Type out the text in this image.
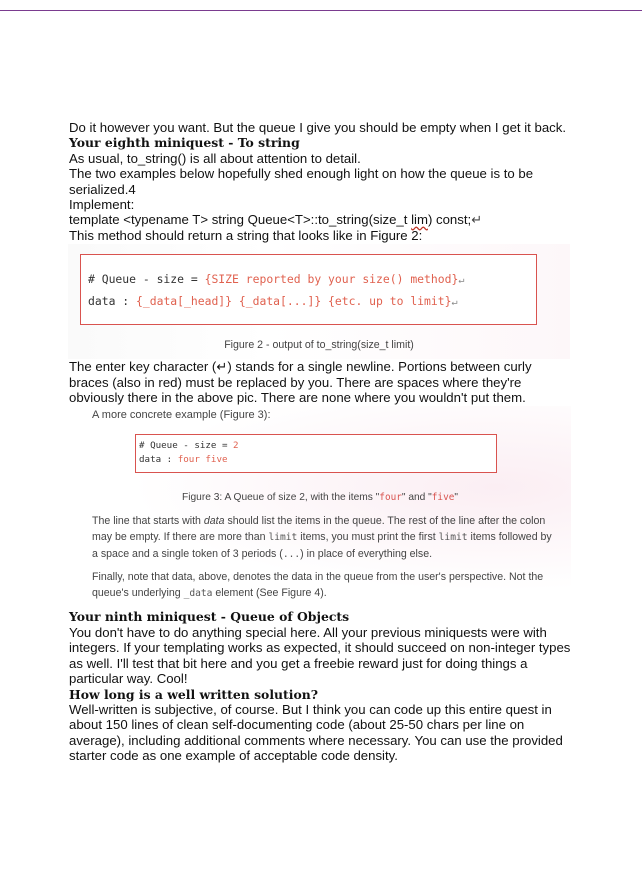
Do it however you want. But the queue I give you should be empty when I get it back.

Your eighth miniquest - To string

As usual, to_string() is all about attention to detail.

The two examples below hopefully shed enough light on how the queue is to be serialized.4

Implement:

template <typename T> string Queue<T>::to_string(size_t lim) const;↵

This method should return a string that looks like in Figure 2:

# Queue - size = {SIZE reported by your size() method}↵
data : {_data[_head]} {_data[...]} {etc. up to limit}↵
Figure 2 - output of to_string(size_t limit)

The enter key character (↵) stands for a single newline. Portions between curly braces (also in red) must be replaced by you. There are spaces where they're obviously there in the above pic. There are none where you wouldn't put them.

A more concrete example (Figure 3):
# Queue - size = 2
data : four five
Figure 3: A Queue of size 2, with the items "four" and "five"
The line that starts with data should list the items in the queue. The rest of the line after the colon may be empty. If there are more than limit items, you must print the first limit items followed by a space and a single token of 3 periods (...) in place of everything else.
Finally, note that data, above, denotes the data in the queue from the user's perspective. Not the queue's underlying _data element (See Figure 4).

Your ninth miniquest - Queue of Objects

You don't have to do anything special here. All your previous miniquests were with integers. If your templating works as expected, it should succeed on non-integer types as well. I'll test that bit here and you get a freebie reward just for doing things a particular way. Cool!

How long is a well written solution?

Well-written is subjective, of course. But I think you can code up this entire quest in about 150 lines of clean self-documenting code (about 25-50 chars per line on average), including additional comments where necessary. You can use the provided starter code as one example of acceptable code density.
